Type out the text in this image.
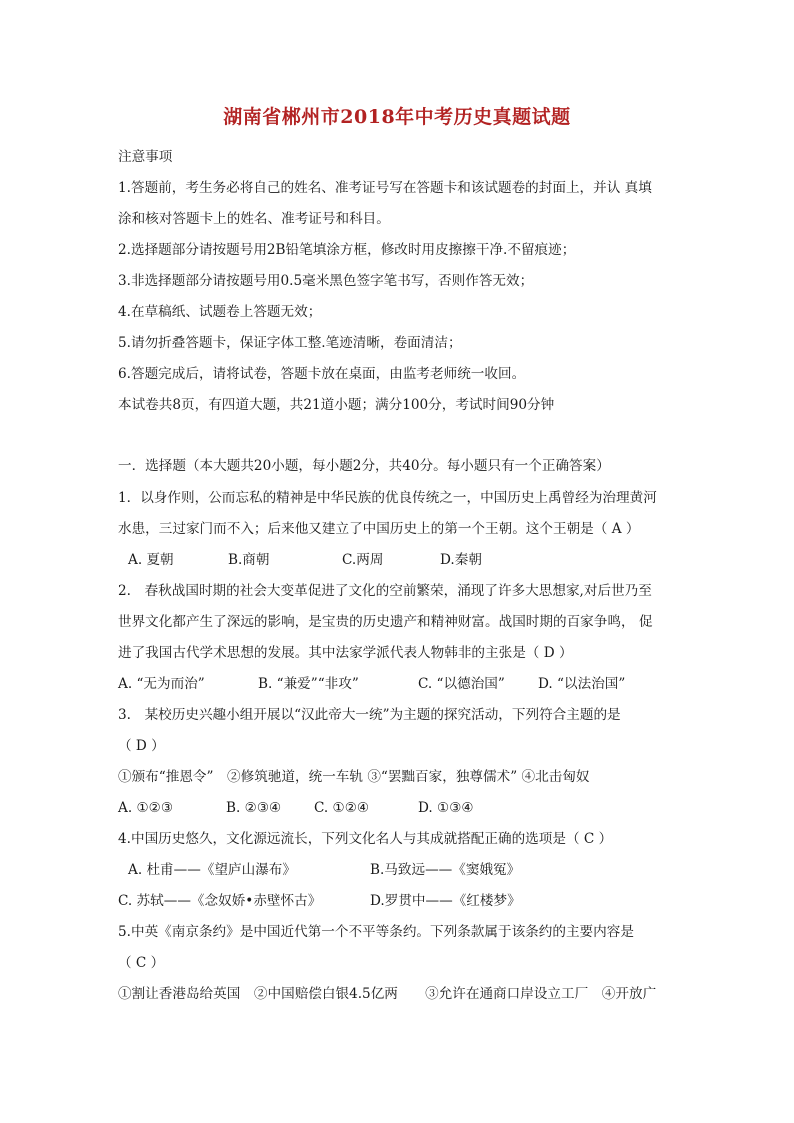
湖南省郴州市2018年中考历史真题试题
注意事项
1.答题前，考生务必将自己的姓名、准考证号写在答题卡和该试题卷的封面上，并认 真填
涂和核对答题卡上的姓名、准考证号和科目。
2.选择题部分请按题号用2B铅笔填涂方框，修改时用皮擦擦干净.不留痕迹；
3.非选择题部分请按题号用0.5毫米黑色签字笔书写，否则作答无效；
4.在草稿纸、试题卷上答题无效；
5.请勿折叠答题卡，保证字体工整.笔迹清晰，卷面清洁；
6.答题完成后，请将试卷，答题卡放在桌面，由监考老师统一收回。
本试卷共8页，有四道大题，共21道小题；满分100分，考试时间90分钟
一．选择题（本大题共20小题，每小题2分，共40分。每小题只有一个正确答案）
1．以身作则，公而忘私的精神是中华民族的优良传统之一，中国历史上禹曾经为治理黄河
水患，三过家门而不入；后来他又建立了中国历史上的第一个王朝。这个王朝是（ A ）
A. 夏朝	B.商朝	C.两周	D.秦朝
2.　春秋战国时期的社会大变革促进了文化的空前繁荣，涌现了许多大思想家,对后世乃至
世界文化都产生了深远的影响，是宝贵的历史遗产和精神财富。战国时期的百家争鸣， 促
进了我国古代学术思想的发展。其中法家学派代表人物韩非的主张是（ D ）
A. “无为而治”	B. “兼爱”“非攻”	C. “以德治国” D. “以法治国”
3.　某校历史兴趣小组开展以“汉此帝大一统”为主题的探究活动，下列符合主题的是
（ D ）
①颁布“推恩令”　②修筑驰道，统一车轨 ③“罢黜百家，独尊儒术” ④北击匈奴
A. ①②③	B. ②③④ C. ①②④	D. ①③④
4.中国历史悠久，文化源远流长，下列文化名人与其成就搭配正确的选项是（ C ）
A. 杜甫——《望庐山瀑布》	B.马致远——《窦娥冤》
C. 苏轼——《念奴娇•赤壁怀古》	D.罗贯中——《红楼梦》
5.中英《南京条约》是中国近代第一个不平等条约。下列条款属于该条约的主要内容是
（ C ）
①割让香港岛给英国　②中国赔偿白银4.5亿两　　③允许在通商口岸设立工厂　④开放广
